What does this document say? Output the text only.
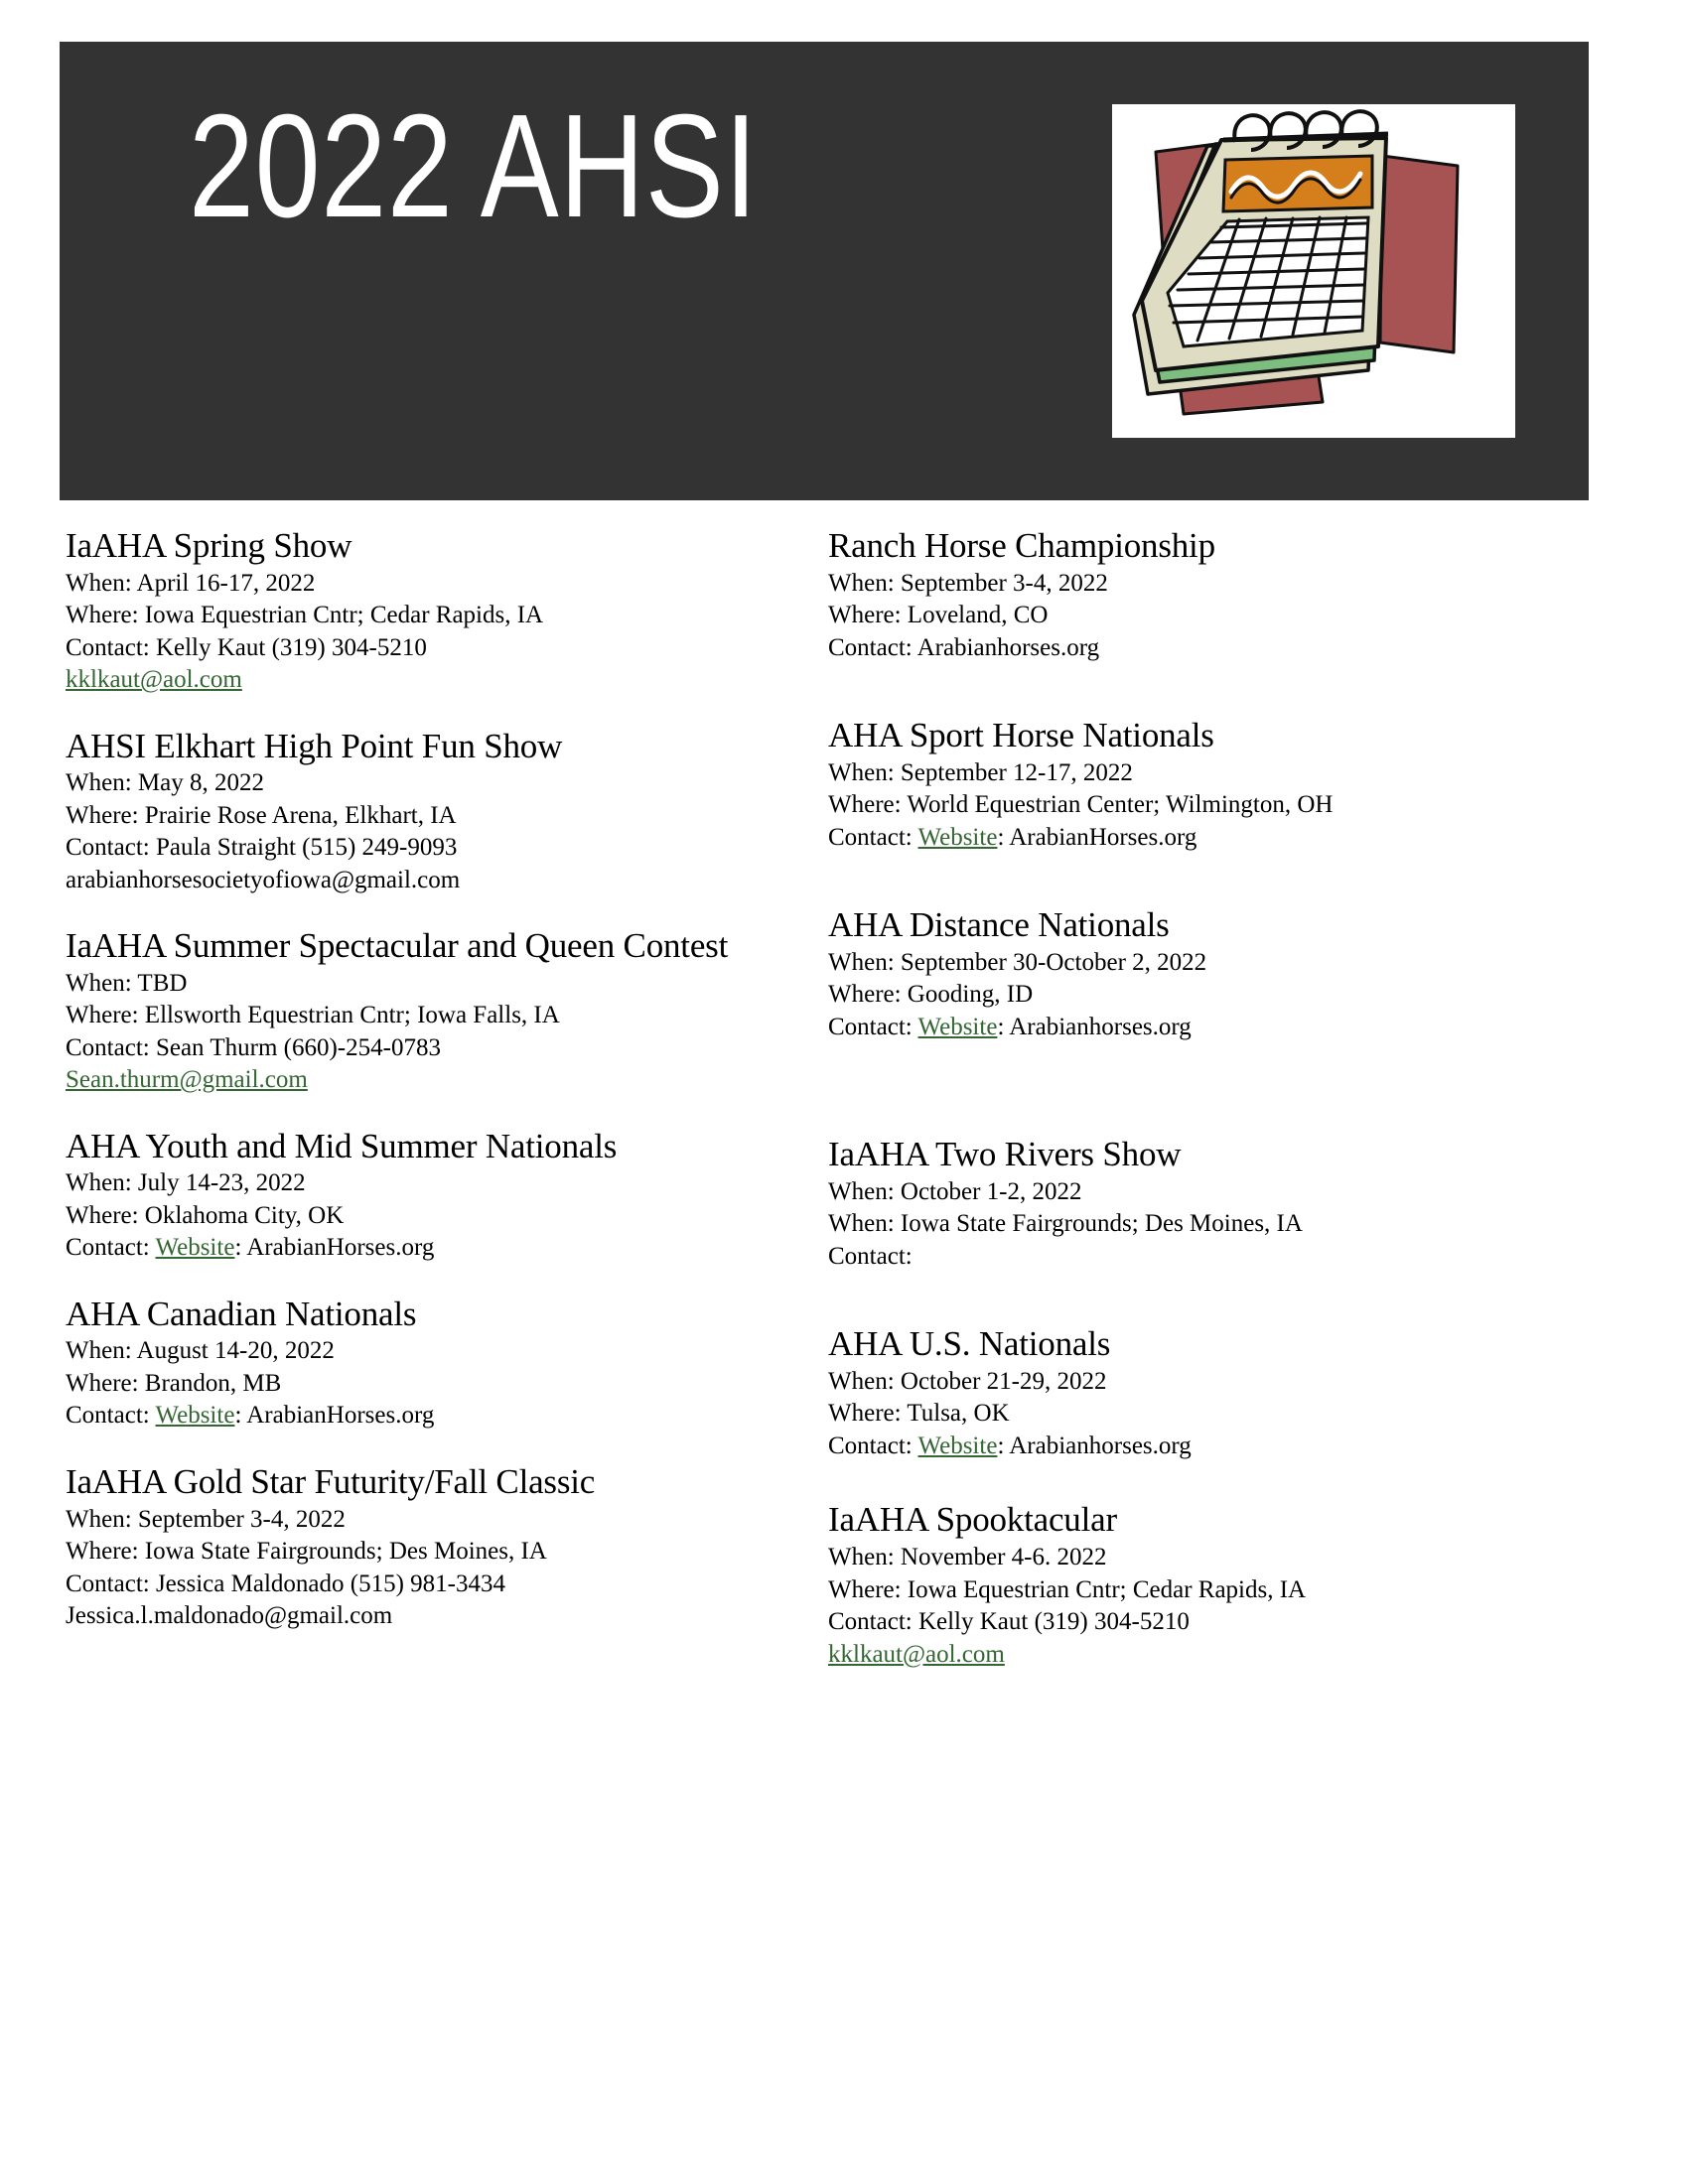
2022 AHSI
IaAHA Spring Show
When: April 16-17, 2022
Where: Iowa Equestrian Cntr; Cedar Rapids, IA
Contact: Kelly Kaut (319) 304-5210
kklkaut@aol.com
AHSI Elkhart High Point Fun Show
When: May 8, 2022
Where: Prairie Rose Arena, Elkhart, IA
Contact: Paula Straight (515) 249-9093
arabianhorsesocietyofiowa@gmail.com
IaAHA Summer Spectacular and Queen Contest
When: TBD
Where: Ellsworth Equestrian Cntr; Iowa Falls, IA
Contact: Sean Thurm (660)-254-0783
Sean.thurm@gmail.com
AHA Youth and Mid Summer Nationals
When: July 14-23, 2022
Where: Oklahoma City, OK
Contact: Website: ArabianHorses.org
AHA Canadian Nationals
When: August 14-20, 2022
Where: Brandon, MB
Contact: Website: ArabianHorses.org
IaAHA Gold Star Futurity/Fall Classic
When: September 3-4, 2022
Where: Iowa State Fairgrounds; Des Moines, IA
Contact: Jessica Maldonado (515) 981-3434
Jessica.l.maldonado@gmail.com
Ranch Horse Championship
When: September 3-4, 2022
Where: Loveland, CO
Contact: Arabianhorses.org
AHA Sport Horse Nationals
When: September 12-17, 2022
Where: World Equestrian Center; Wilmington, OH
Contact: Website: ArabianHorses.org
AHA Distance Nationals
When: September 30-October 2, 2022
Where: Gooding, ID
Contact: Website: Arabianhorses.org
IaAHA Two Rivers Show
When: October 1-2, 2022
When: Iowa State Fairgrounds; Des Moines, IA
Contact:
AHA U.S. Nationals
When: October 21-29, 2022
Where: Tulsa, OK
Contact: Website: Arabianhorses.org
IaAHA Spooktacular
When: November 4-6. 2022
Where: Iowa Equestrian Cntr; Cedar Rapids, IA
Contact: Kelly Kaut (319) 304-5210
kklkaut@aol.com
